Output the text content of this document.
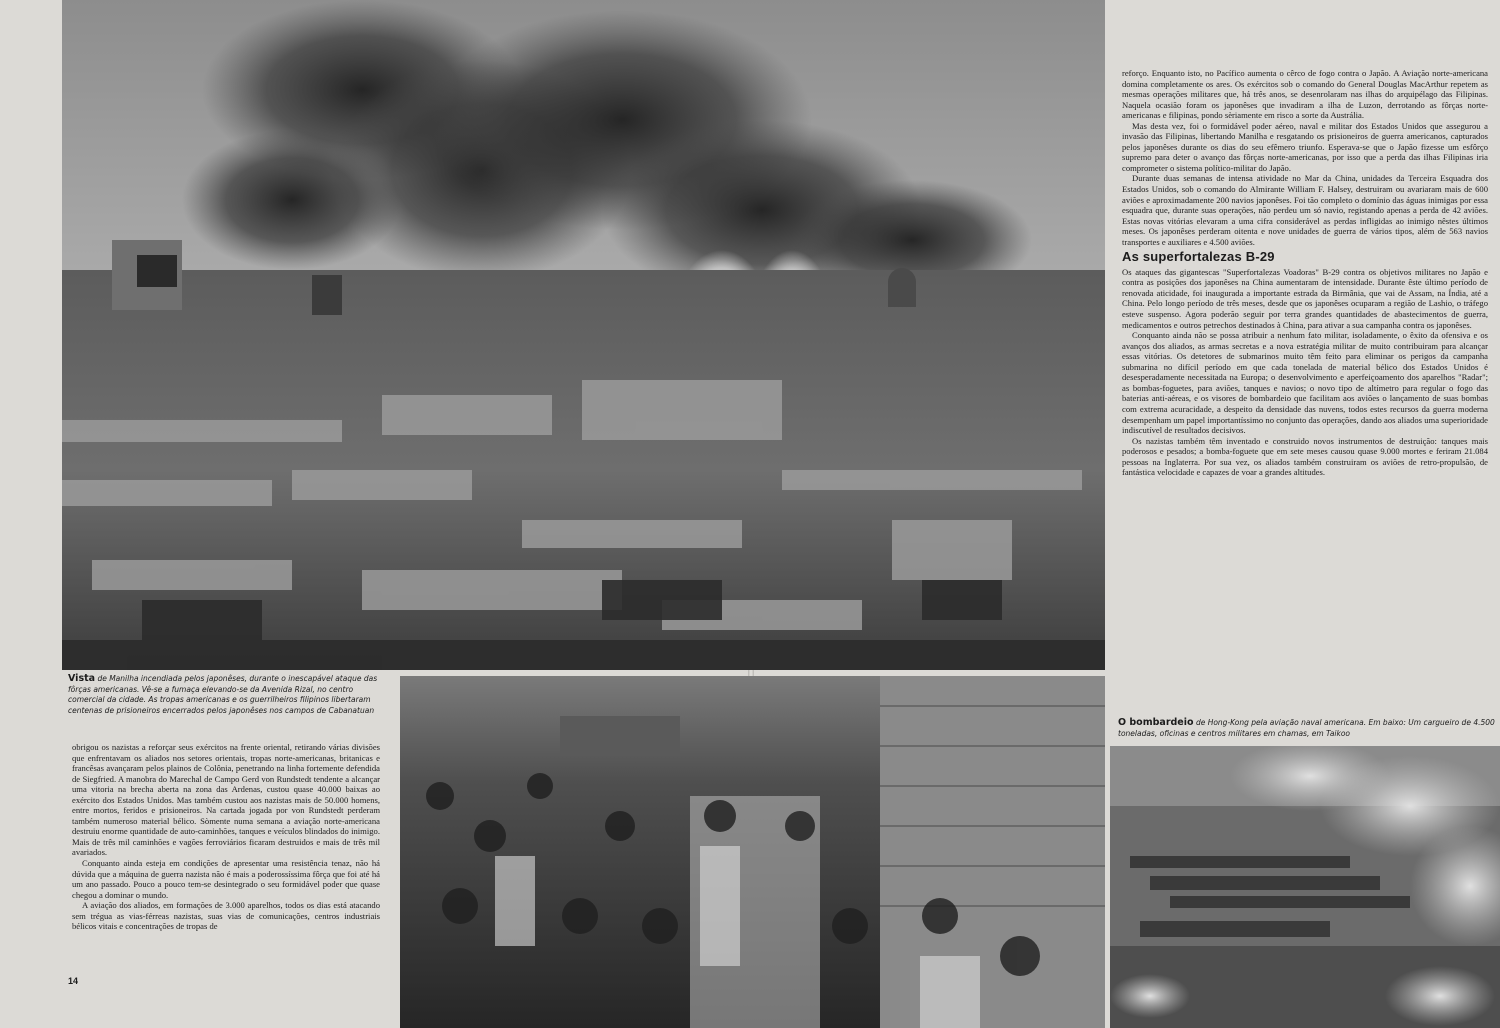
Vista de Manilha incendiada pelos japonêses, durante o inescapável ataque das fôrças americanas. Vê-se a fumaça elevando-se da Avenida Rizal, no centro comercial da cidade. As tropas americanas e os guerrilheiros filipinos libertaram centenas de prisioneiros encerrados pelos japonêses nos campos de Cabanatuan
O bombardeio de Hong-Kong pela aviação naval americana. Em baixo: Um cargueiro de 4.500 toneladas, oficinas e centros militares em chamas, em Taikoo

reforço. Enquanto isto, no Pacífico aumenta o cêrco de fogo contra o Japão. A Aviação norte-americana domina completamente os ares. Os exércitos sob o comando do General Douglas MacArthur repetem as mesmas operações militares que, há três anos, se desenrolaram nas ilhas do arquipélago das Filipinas. Naquela ocasião foram os japonêses que invadiram a ilha de Luzon, derrotando as fôrças norte-americanas e filipinas, pondo sèriamente em risco a sorte da Austrália.

Mas desta vez, foi o formidável poder aéreo, naval e militar dos Estados Unidos que assegurou a invasão das Filipinas, libertando Manilha e resgatando os prisioneiros de guerra americanos, capturados pelos japonêses durante os dias do seu efêmero triunfo. Esperava-se que o Japão fizesse um esfôrço supremo para deter o avanço das fôrças norte-americanas, por isso que a perda das ilhas Filipinas iria comprometer o sistema político-militar do Japão.

Durante duas semanas de intensa atividade no Mar da China, unidades da Terceira Esquadra dos Estados Unidos, sob o comando do Almirante William F. Halsey, destruiram ou avariaram mais de 600 aviões e aproximadamente 200 navios japonêses. Foi tão completo o domínio das águas inimigas por essa esquadra que, durante suas operações, não perdeu um só navio, registando apenas a perda de 42 aviões. Estas novas vitórias elevaram a uma cifra considerável as perdas infligidas ao inimigo nêstes últimos meses. Os japonêses perderam oitenta e nove unidades de guerra de vários tipos, além de 563 navios transportes e auxiliares e 4.500 aviões.

As superfortalezas B-29

Os ataques das gigantescas "Superfortalezas Voadoras" B-29 contra os objetivos militares no Japão e contra as posições dos japonêses na China aumentaram de intensidade. Durante êste último período de renovada aticidade, foi inaugurada a importante estrada da Birmânia, que vai de Assam, na Índia, até a China. Pelo longo período de três meses, desde que os japonêses ocuparam a região de Lashio, o tráfego esteve suspenso. Agora poderão seguir por terra grandes quantidades de abastecimentos de guerra, medicamentos e outros petrechos destinados à China, para ativar a sua campanha contra os japonêses.

Conquanto ainda não se possa atribuir a nenhum fato militar, isoladamente, o êxito da ofensiva e os avanços dos aliados, as armas secretas e a nova estratégia militar de muito contribuiram para alcançar essas vitórias. Os detetores de submarinos muito têm feito para eliminar os perigos da campanha submarina no difícil período em que cada tonelada de material bélico dos Estados Unidos é desesperadamente necessitada na Europa; o desenvolvimento e aperfeiçoamento dos aparelhos "Radar"; as bombas-foguetes, para aviões, tanques e navios; o novo tipo de altímetro para regular o fogo das baterias anti-aéreas, e os visores de bombardeio que facilitam aos aviões o lançamento de suas bombas com extrema acuracidade, a despeito da densidade das nuvens, todos estes recursos da guerra moderna desempenham um papel importantíssimo no conjunto das operações, dando aos aliados uma superioridade indiscutível de resultados decisivos.

Os nazistas também têm inventado e construido novos instrumentos de destruição: tanques mais poderosos e pesados; a bomba-foguete que em sete meses causou quase 9.000 mortes e feriram 21.084 pessoas na Inglaterra. Por sua vez, os aliados também construiram os aviões de retro-propulsão, de fantástica velocidade e capazes de voar a grandes altitudes.

obrigou os nazistas a reforçar seus exércitos na frente oriental, retirando várias divisões que enfrentavam os aliados nos setores orientais, tropas norte-americanas, britanicas e francêsas avançaram pelos plainos de Colônia, penetrando na linha fortemente defendida de Siegfried. A manobra do Marechal de Campo Gerd von Rundstedt tendente a alcançar uma vitoria na brecha aberta na zona das Ardenas, custou quase 40.000 baixas ao exército dos Estados Unidos. Mas também custou aos nazistas mais de 50.000 homens, entre mortos, feridos e prisioneiros. Na cartada jogada por von Rundstedt perderam também numeroso material bélico. Sòmente numa semana a aviação norte-americana destruiu enorme quantidade de auto-caminhões, tanques e veículos blindados do inimigo. Mais de três mil caminhões e vagões ferroviários ficaram destruidos e mais de três mil avariados.

Conquanto ainda esteja em condições de apresentar uma resistência tenaz, não há dúvida que a máquina de guerra nazista não é mais a poderossíssima fôrça que foi até há um ano passado. Pouco a pouco tem-se desintegrado o seu formidável poder que quase chegou a dominar o mundo.

A aviação dos aliados, em formações de 3.000 aparelhos, todos os dias está atacando sem trégua as vias-férreas nazistas, suas vias de comunicações, centros industriais bélicos vitais e concentrações de tropas de

14
